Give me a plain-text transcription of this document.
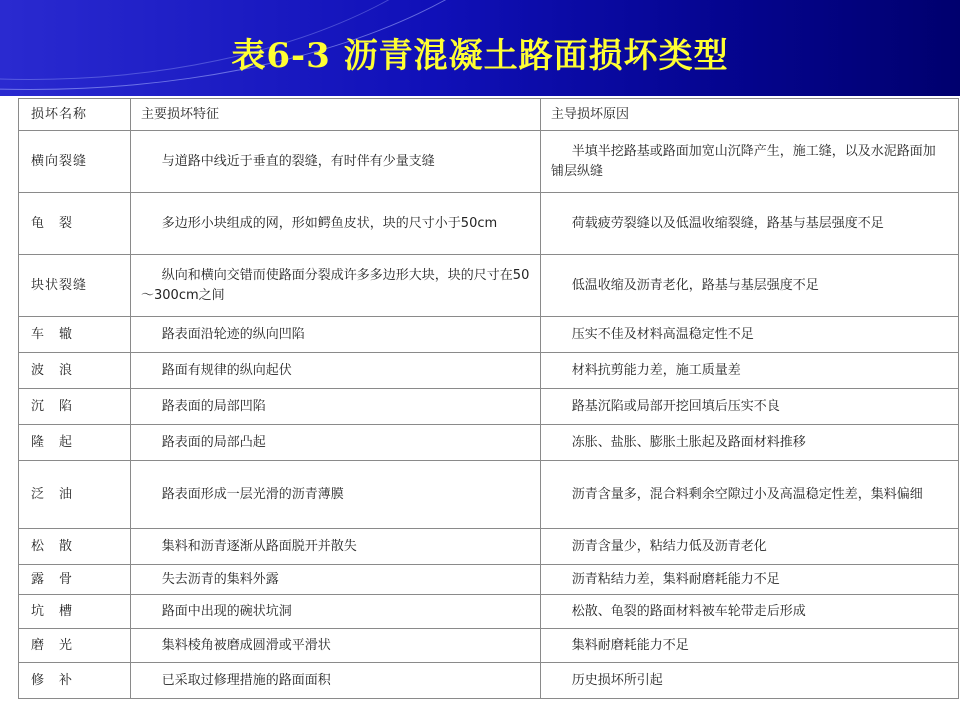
表6-3 沥青混凝土路面损坏类型
损坏名称	主要损坏特征	主导损坏原因
横向裂缝	与道路中线近于垂直的裂缝，有时伴有少量支缝	半填半挖路基或路面加宽山沉降产生，施工缝，以及水泥路面加铺层纵缝
龟　裂	多边形小块组成的网，形如鳄鱼皮状，块的尺寸小于50cm	荷载疲劳裂缝以及低温收缩裂缝，路基与基层强度不足
块状裂缝	纵向和横向交错而使路面分裂成许多多边形大块，块的尺寸在50～300cm之间	低温收缩及沥青老化，路基与基层强度不足
车　辙	路表面沿轮迹的纵向凹陷	压实不佳及材料高温稳定性不足
波　浪	路面有规律的纵向起伏	材料抗剪能力差，施工质量差
沉　陷	路表面的局部凹陷	路基沉陷或局部开挖回填后压实不良
隆　起	路表面的局部凸起	冻胀、盐胀、膨胀土胀起及路面材料推移
泛　油	路表面形成一层光滑的沥青薄膜	沥青含量多，混合料剩余空隙过小及高温稳定性差，集料偏细
松　散	集料和沥青逐渐从路面脱开并散失	沥青含量少，粘结力低及沥青老化
露　骨	失去沥青的集料外露	沥青粘结力差，集料耐磨耗能力不足
坑　槽	路面中出现的碗状坑洞	松散、龟裂的路面材料被车轮带走后形成
磨　光	集料棱角被磨成圆滑或平滑状	集料耐磨耗能力不足
修　补	已采取过修理措施的路面面积	历史损坏所引起
